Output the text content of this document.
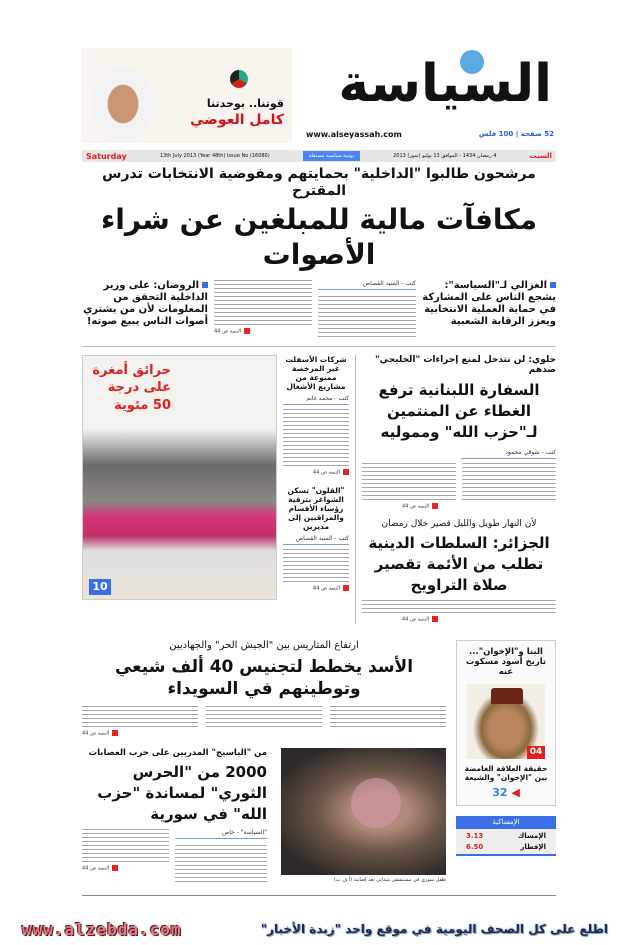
قوتنا.. بوحدتنا
كامل العوضي
السياسة
www.alseyassah.com	52 صفحة | 100 فلس
Saturday	13th July 2013 (Year 48th) Issue No (16080)	يومية سياسية مستقلة	4 رمضان 1434 - الموافق 13 يوليو (تموز) 2013	السبت
مرشحون طالبوا "الداخلية" بحمايتهم ومفوضية الانتخابات تدرس المقترح
مكافآت مالية للمبلغين عن شراء الأصوات
الروضان: على وزير الداخلية التحقق من المعلومات لأن من يشتري أصوات الناس يبيع صوته!
التتمة ص 44
كتب - السيد القصاص	الغزالي لـ"السياسة": يشجع الناس على المشاركة في حماية العملية الانتخابية ويعزز الرقابة الشعبية
حرائق أمغرة على درجة 50 مئوية
10
شركات الأسفلت غير المرخصة ممنوعة من مشاريع الأشغال
كتب - محمد غانم
التتمة ص 44
"القلون" تسكن الشواغر بترقية رؤساء الأقسام والمراقبين إلى مديرين
كتب - السيد القصاص
التتمة ص 44
حلوي: لن نتدخل لمنع إجراءات "الخليجي" ضدهم
السفارة اللبنانية ترفع الغطاء عن المنتمين لـ"حزب الله" ومموليه
كتب - شوقي محمود
التتمة ص 44
لأن النهار طويل والليل قصير خلال رمضان
الجزائر: السلطات الدينية تطلب من الأئمة تقصير صلاة التراويح
التتمة ص 44
ارتفاع المتاريس بين "الجيش الحر" والجهاديين
الأسد يخطط لتجنيس 40 ألف شيعي وتوطينهم في السويداء
التتمة ص 44
من "الباسيج" المدربين على حرب العصابات
2000 من "الحرس الثوري" لمساندة "حزب الله" في سورية
"السياسة" - خاص
التتمة ص 44
طفل سوري في مستشفى ميداني بعد إصابته (أ ف ب)
البنا و"الإخوان"... تاريخ أسود مسكوت عنه
04
حقيقة العلاقة الغامضة بين "الإخوان" والشيعة
32 ◀
الإمساكية
الإمساك
3.13
الإفطار
6.50
www.alzebda.com	اطلع على كل الصحف اليومية في موقع واحد "زبدة الأخبار"
